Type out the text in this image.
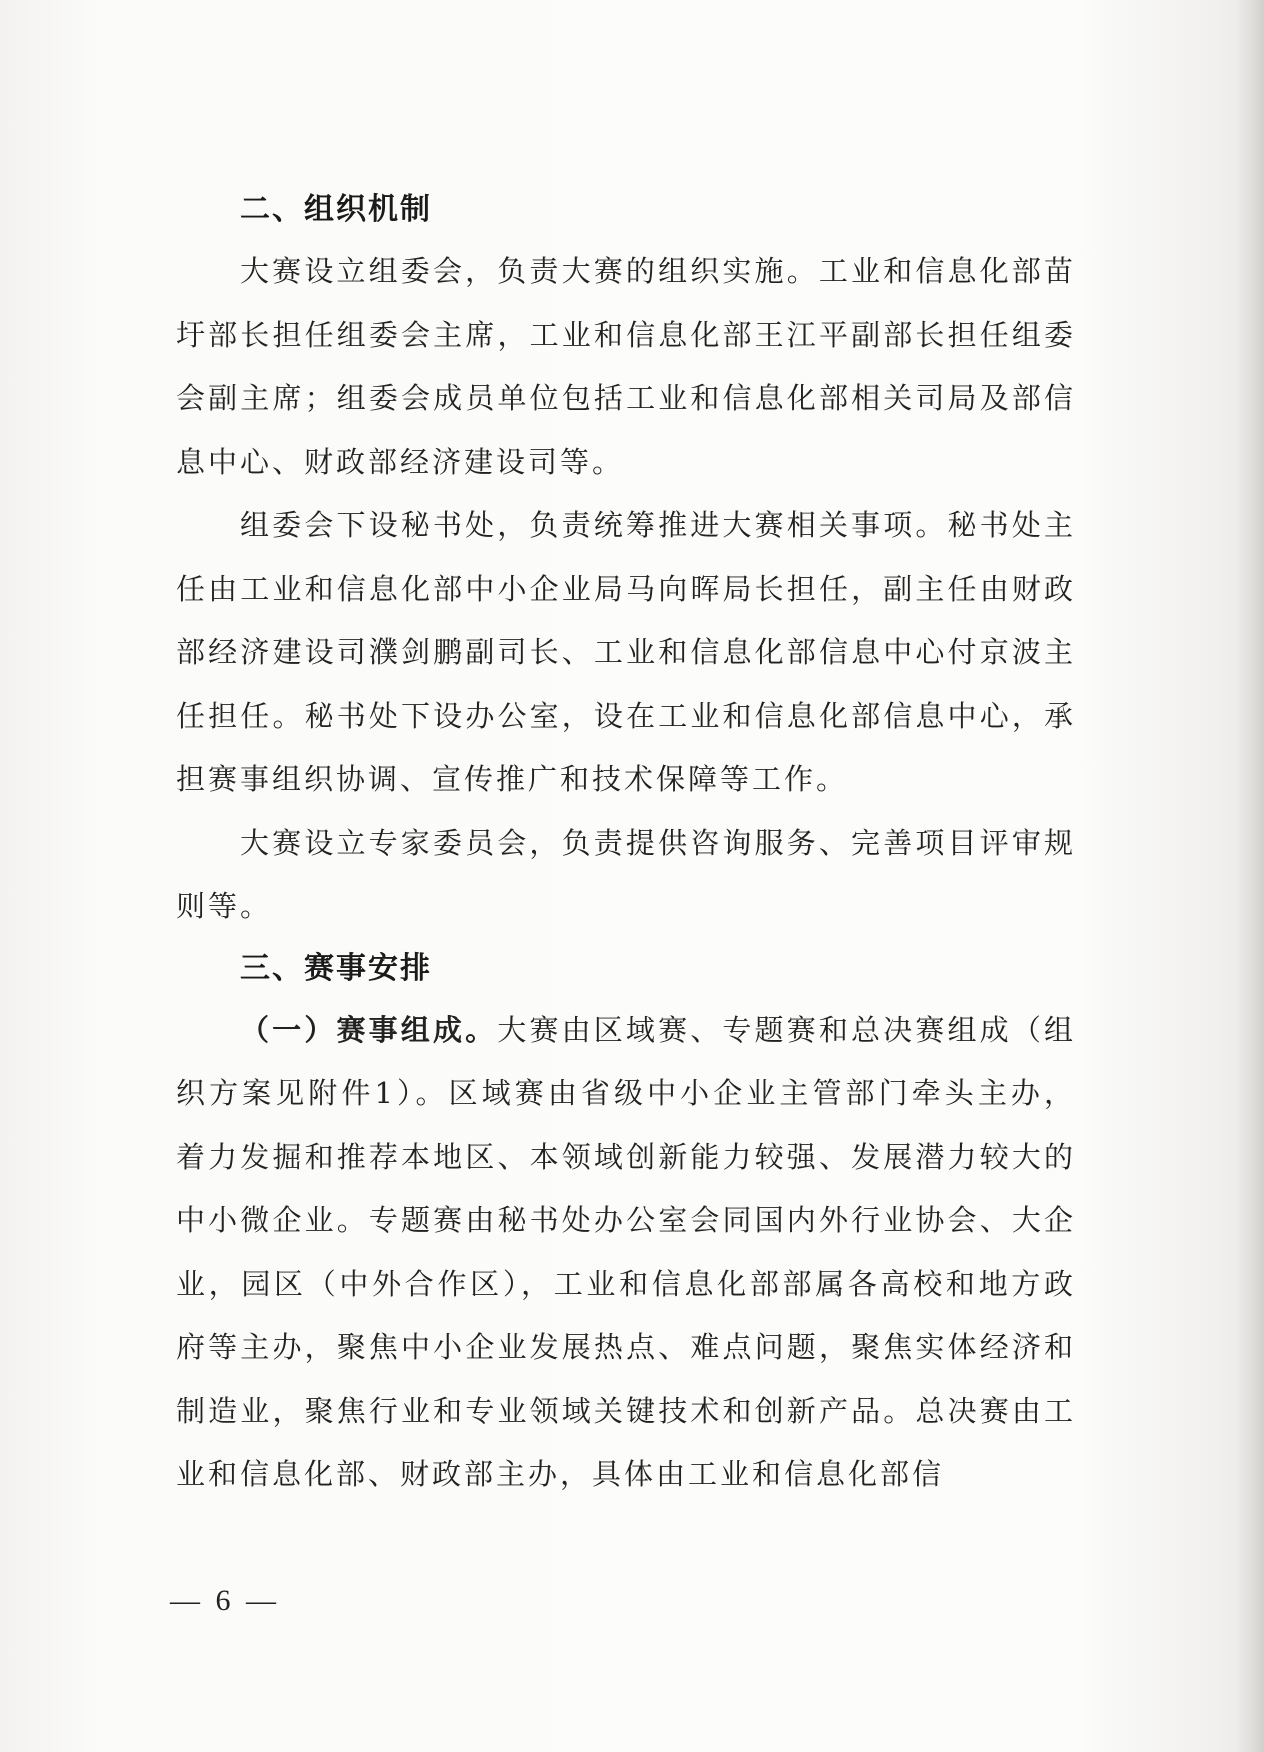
二、组织机制

大赛设立组委会，负责大赛的组织实施。工业和信息化部苗圩部长担任组委会主席，工业和信息化部王江平副部长担任组委会副主席；组委会成员单位包括工业和信息化部相关司局及部信息中心、财政部经济建设司等。

组委会下设秘书处，负责统筹推进大赛相关事项。秘书处主任由工业和信息化部中小企业局马向晖局长担任，副主任由财政部经济建设司濮剑鹏副司长、工业和信息化部信息中心付京波主任担任。秘书处下设办公室，设在工业和信息化部信息中心，承担赛事组织协调、宣传推广和技术保障等工作。

大赛设立专家委员会，负责提供咨询服务、完善项目评审规则等。

三、赛事安排

（一）赛事组成。大赛由区域赛、专题赛和总决赛组成（组织方案见附件1）。区域赛由省级中小企业主管部门牵头主办，着力发掘和推荐本地区、本领域创新能力较强、发展潜力较大的中小微企业。专题赛由秘书处办公室会同国内外行业协会、大企业，园区（中外合作区），工业和信息化部部属各高校和地方政府等主办，聚焦中小企业发展热点、难点问题，聚焦实体经济和制造业，聚焦行业和专业领域关键技术和创新产品。总决赛由工业和信息化部、财政部主办，具体由工业和信息化部信

— 6 —
